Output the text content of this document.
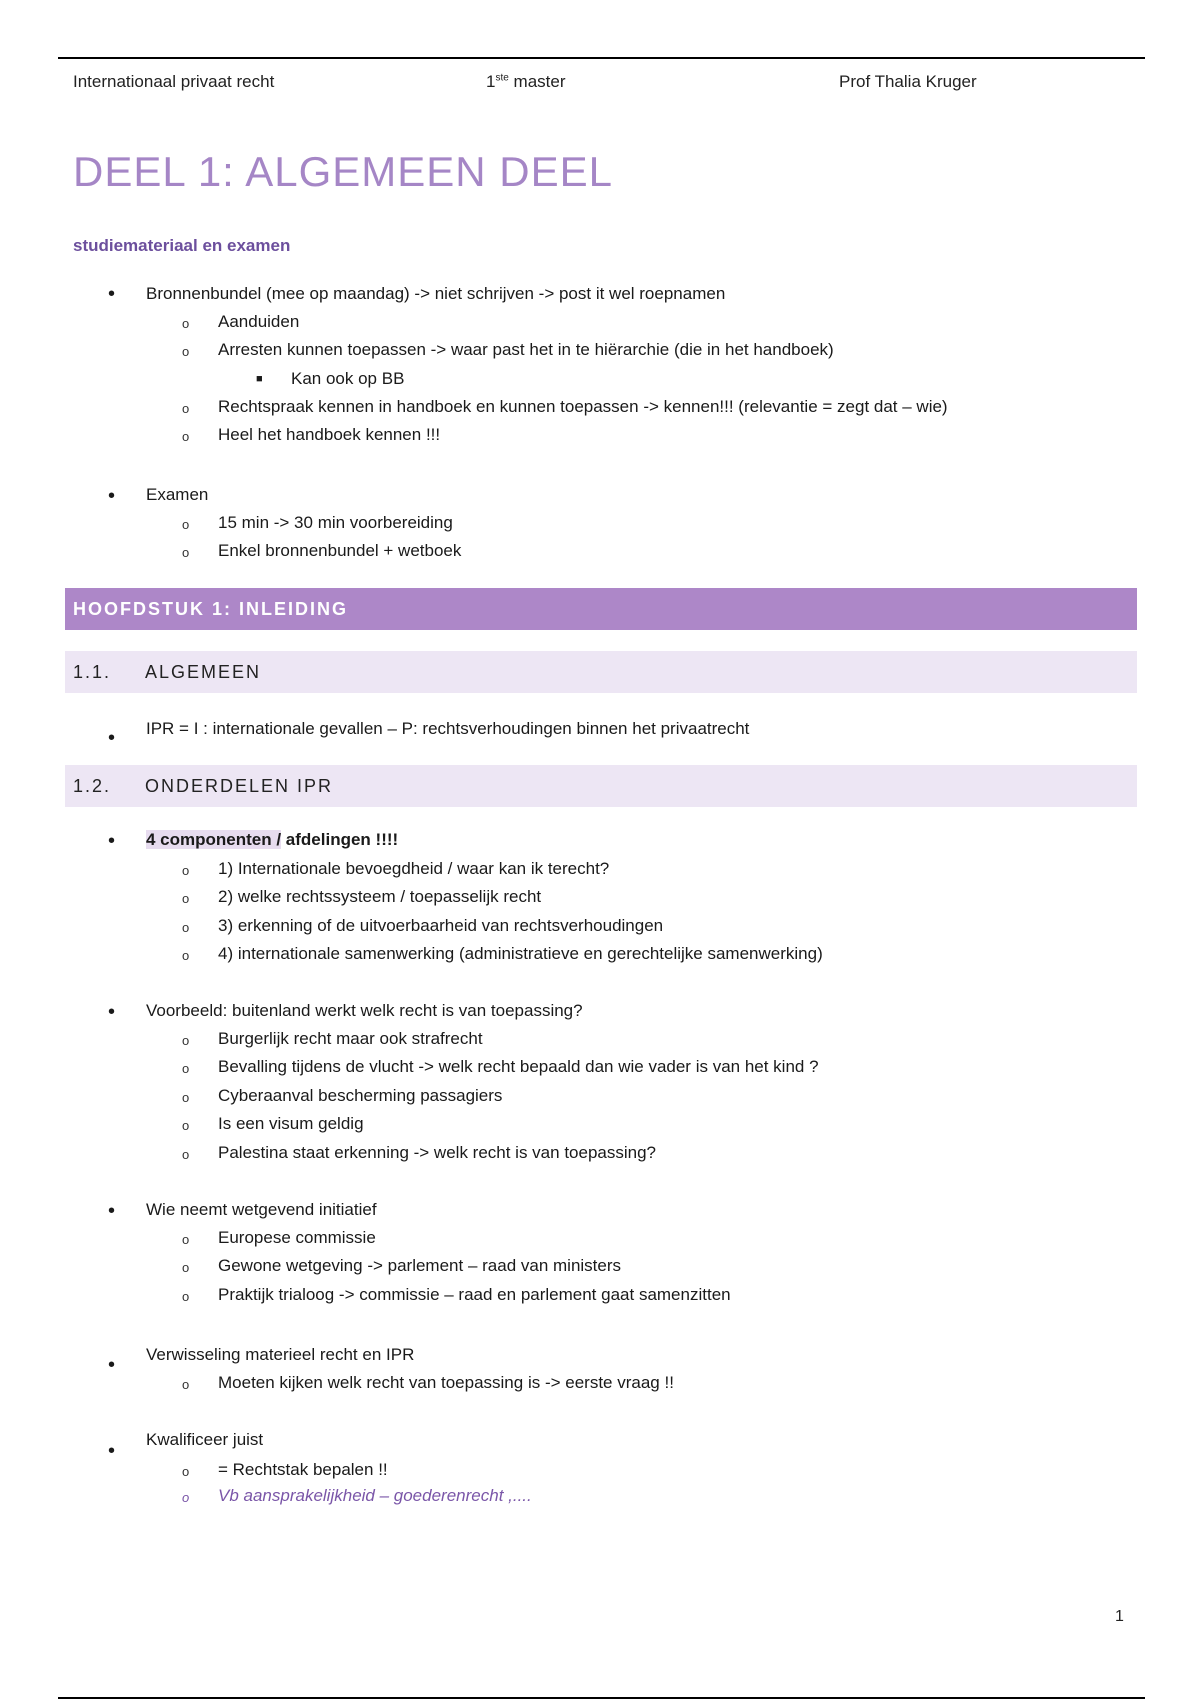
Internationaal privaat recht	1ste master	Prof Thalia Kruger
DEEL 1: ALGEMEEN DEEL
studiemateriaal en examen
• Bronnenbundel (mee op maandag) -> niet schrijven -> post it wel roepnamen
o Aanduiden
o Arresten kunnen toepassen -> waar past het in te hiërarchie (die in het handboek)
■ Kan ook op BB
o Rechtspraak kennen in handboek en kunnen toepassen -> kennen!!! (relevantie = zegt dat – wie)
o Heel het handboek kennen !!!
• Examen
o 15 min -> 30 min voorbereiding
o Enkel bronnenbundel + wetboek
HOOFDSTUK 1: INLEIDING
1.1. ALGEMEEN
• IPR = I : internationale gevallen – P: rechtsverhoudingen binnen het privaatrecht
1.2. ONDERDELEN IPR
• 4 componenten / afdelingen !!!!
o 1) Internationale bevoegdheid / waar kan ik terecht?
o 2) welke rechtssysteem / toepasselijk recht
o 3) erkenning of de uitvoerbaarheid van rechtsverhoudingen
o 4) internationale samenwerking (administratieve en gerechtelijke samenwerking)
• Voorbeeld: buitenland werkt welk recht is van toepassing?
o Burgerlijk recht maar ook strafrecht
o Bevalling tijdens de vlucht -> welk recht bepaald dan wie vader is van het kind ?
o Cyberaanval bescherming passagiers
o Is een visum geldig
o Palestina staat erkenning -> welk recht is van toepassing?
• Wie neemt wetgevend initiatief
o Europese commissie
o Gewone wetgeving -> parlement – raad van ministers
o Praktijk trialoog -> commissie – raad en parlement gaat samenzitten
• Verwisseling materieel recht en IPR
o Moeten kijken welk recht van toepassing is -> eerste vraag !!
•
Kwalificeer juist
o = Rechtstak bepalen !!
o Vb aansprakelijkheid – goederenrecht ,....
1
